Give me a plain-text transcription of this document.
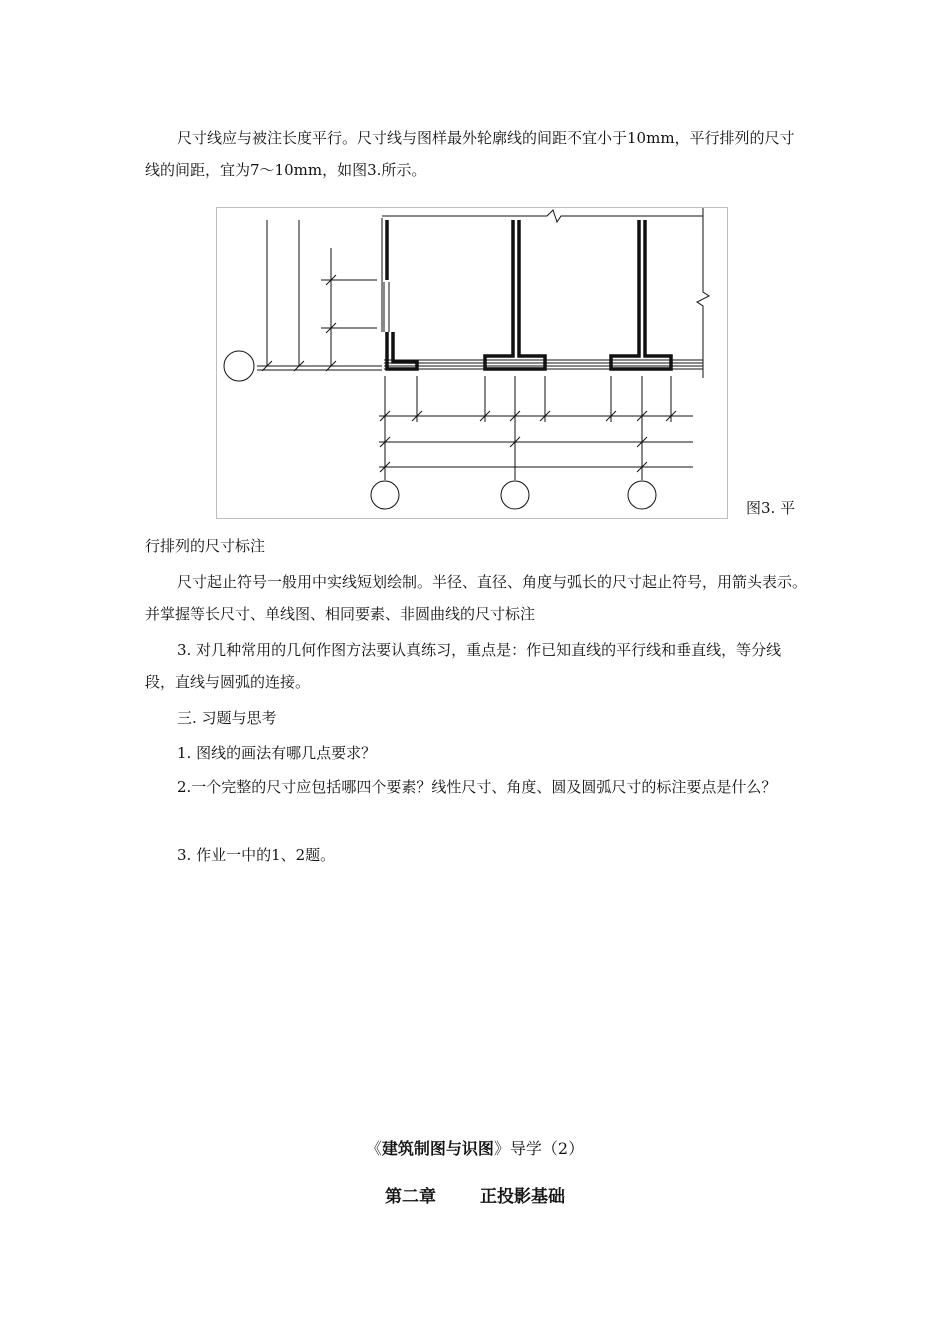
尺寸线应与被注长度平行。尺寸线与图样最外轮廓线的间距不宜小于10mm，平行排列的尺寸线的间距，宜为7～10mm，如图3.所示。

图3. 平

行排列的尺寸标注

尺寸起止符号一般用中实线短划绘制。半径、直径、角度与弧长的尺寸起止符号，用箭头表示。并掌握等长尺寸、单线图、相同要素、非圆曲线的尺寸标注

3. 对几种常用的几何作图方法要认真练习，重点是：作已知直线的平行线和垂直线，等分线段，直线与圆弧的连接。

三. 习题与思考

1. 图线的画法有哪几点要求？

2.一个完整的尺寸应包括哪四个要素？线性尺寸、角度、圆及圆弧尺寸的标注要点是什么？

3. 作业一中的1、2题。

《建筑制图与识图》导学（2）

第二章	正投影基础
